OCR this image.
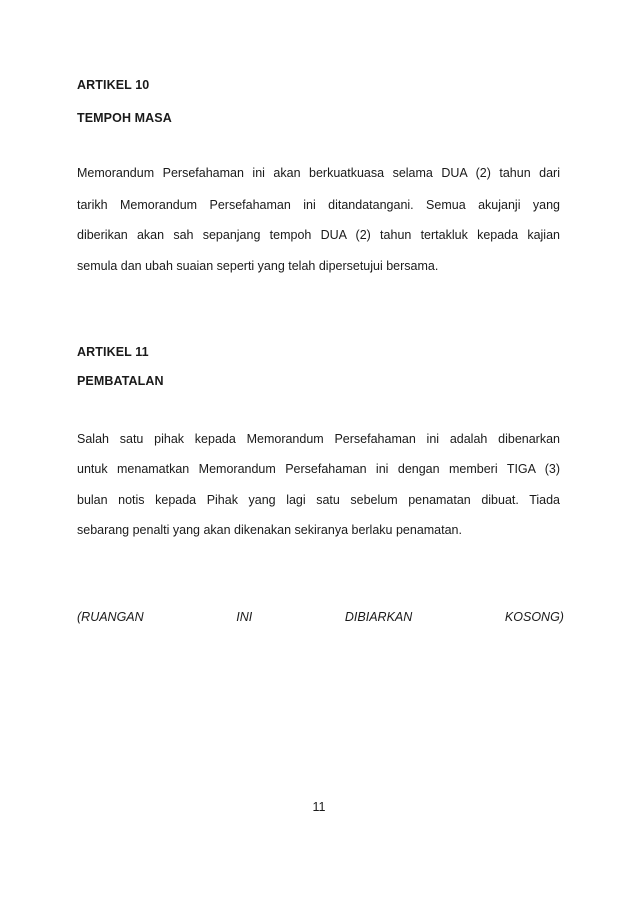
ARTIKEL 10
TEMPOH MASA
Memorandum Persefahaman ini akan berkuatkuasa selama DUA (2) tahun dari
tarikh Memorandum Persefahaman ini ditandatangani. Semua akujanji yang
diberikan akan sah sepanjang tempoh DUA (2) tahun tertakluk kepada kajian
semula dan ubah suaian seperti yang telah dipersetujui bersama.
ARTIKEL 11
PEMBATALAN
Salah satu pihak kepada Memorandum Persefahaman ini adalah dibenarkan
untuk menamatkan Memorandum Persefahaman ini dengan memberi TIGA (3)
bulan notis kepada Pihak yang lagi satu sebelum penamatan dibuat. Tiada
sebarang penalti yang akan dikenakan sekiranya berlaku penamatan.
(RUANGAN	INI	DIBIARKAN	KOSONG)
11
